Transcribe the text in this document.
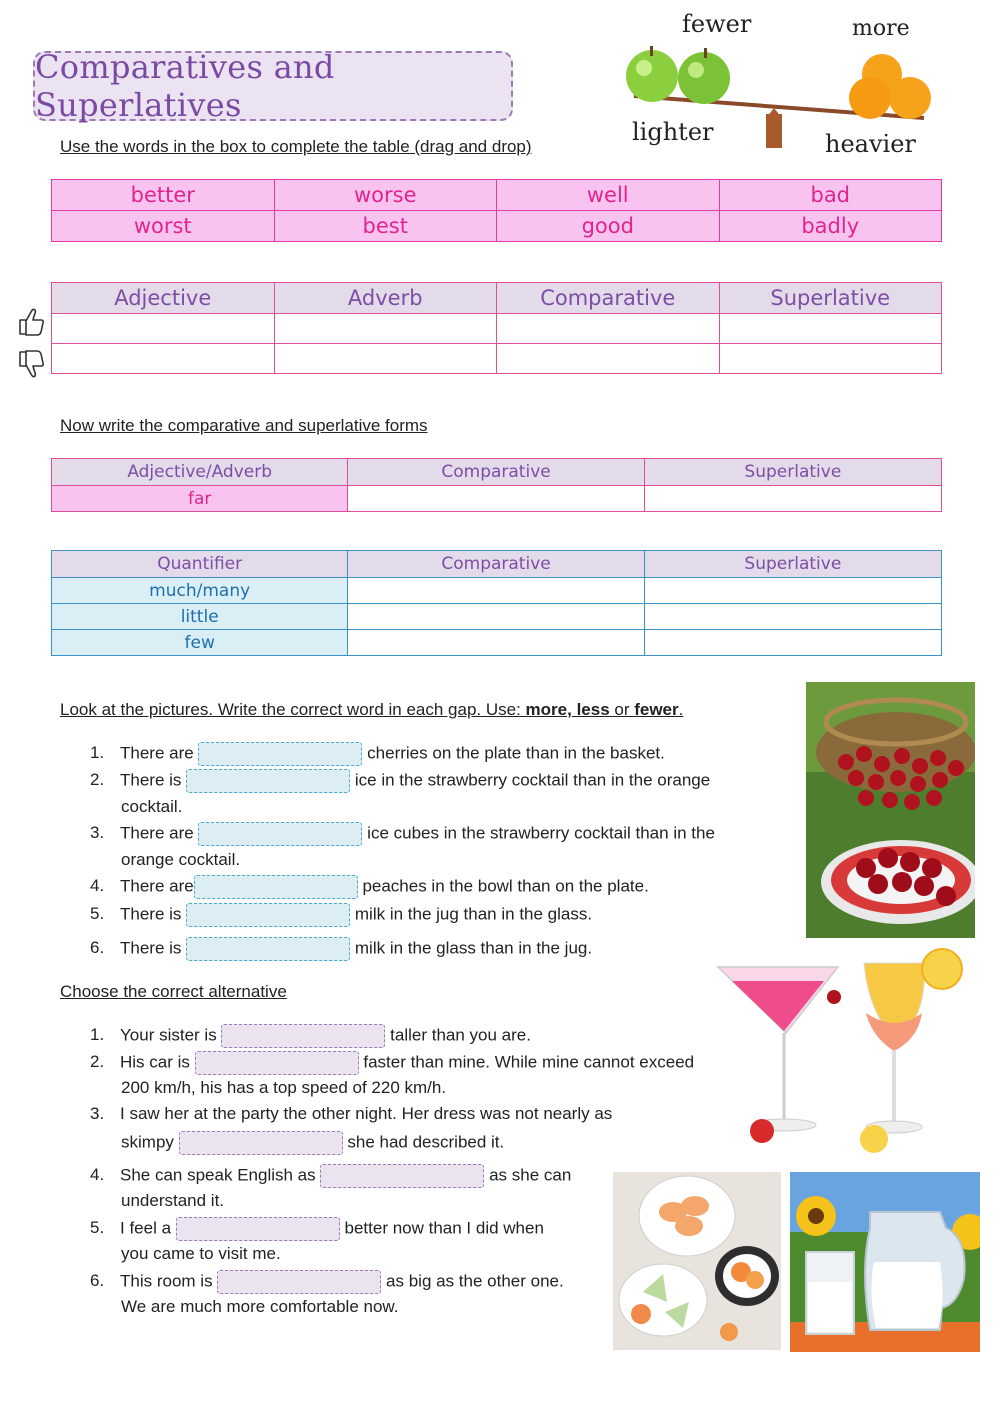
Comparatives and Superlatives
fewer	more
lighter	heavier
Use the words in the box to complete the table (drag and drop)
better	worse	well	bad
worst	best	good	badly
Adjective	Adverb	Comparative	Superlative

Now write the comparative and superlative forms
Adjective/Adverb	Comparative	Superlative
far		
Quantifier	Comparative	Superlative
much/many		
little		
few		
Look at the pictures. Write the correct word in each gap. Use: more, less or fewer.
1. There are	cherries on the plate than in the basket.
2. There is	ice in the strawberry cocktail than in the orange
cocktail.
3. There are	ice cubes in the strawberry cocktail than in the
orange cocktail.
4. There are	peaches in the bowl than on the plate.
5. There is	milk in the jug than in the glass.
6. There is	milk in the glass than in the jug.
Choose the correct alternative
1. Your sister is	taller than you are.
2. His car is	faster than mine. While mine cannot exceed
200 km/h, his has a top speed of 220 km/h.
3. I saw her at the party the other night. Her dress was not nearly as
skimpy	she had described it.
4. She can speak English as	as she can
understand it.
5. I feel a	better now than I did when
you came to visit me.
6. This room is	as big as the other one.
We are much more comfortable now.
